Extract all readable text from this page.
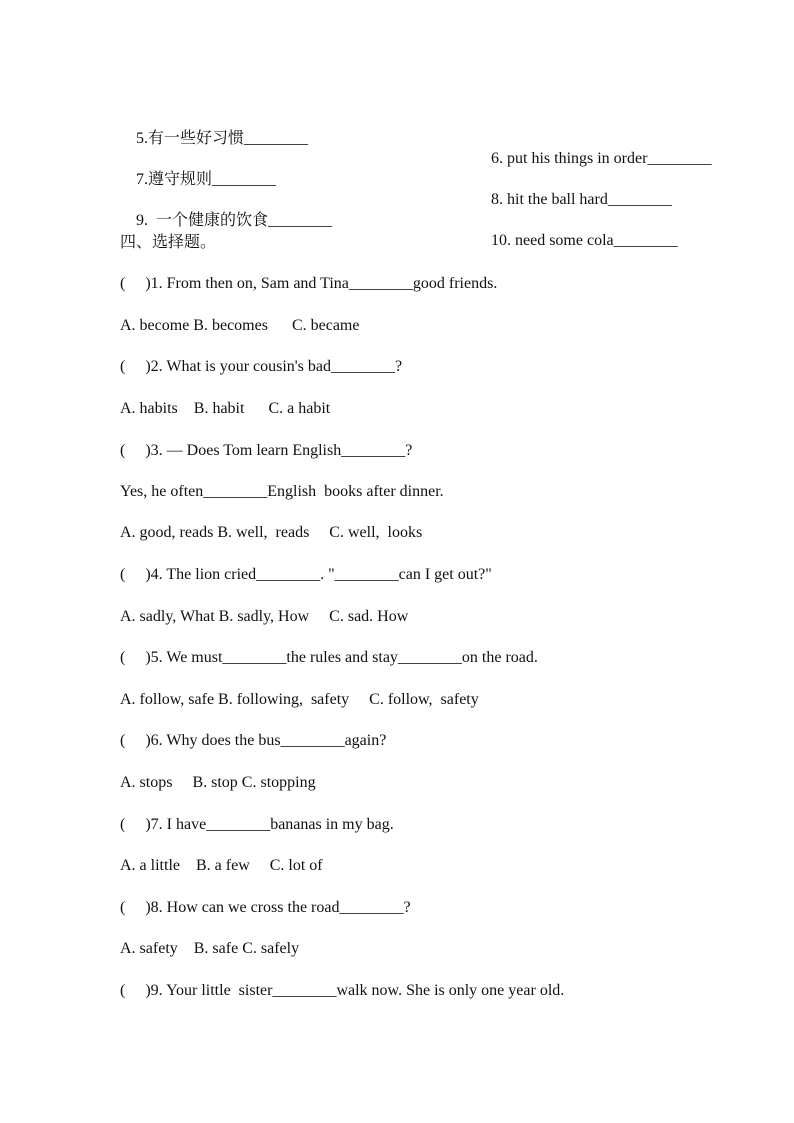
5.有一些好习惯________

6. put his things in order________

7.遵守规则________

8. hit the ball hard________

9.  一个健康的饮食________

10. need some cola________

四、选择题。
(     )1. From then on, Sam and Tina________good friends.
A. become B. becomes      C. became
(     )2. What is your cousin's bad________?
A. habits    B. habit      C. a habit
(     )3. — Does Tom learn English________?
Yes, he often________English  books after dinner.
A. good, reads B. well,  reads     C. well,  looks
(     )4. The lion cried________. "________can I get out?"
A. sadly, What B. sadly, How     C. sad. How
(     )5. We must________the rules and stay________on the road.
A. follow, safe B. following,  safety     C. follow,  safety
(     )6. Why does the bus________again?
A. stops     B. stop C. stopping
(     )7. I have________bananas in my bag.
A. a little    B. a few     C. lot of
(     )8. How can we cross the road________?
A. safety    B. safe C. safely
(     )9. Your little  sister________walk now. She is only one year old.
